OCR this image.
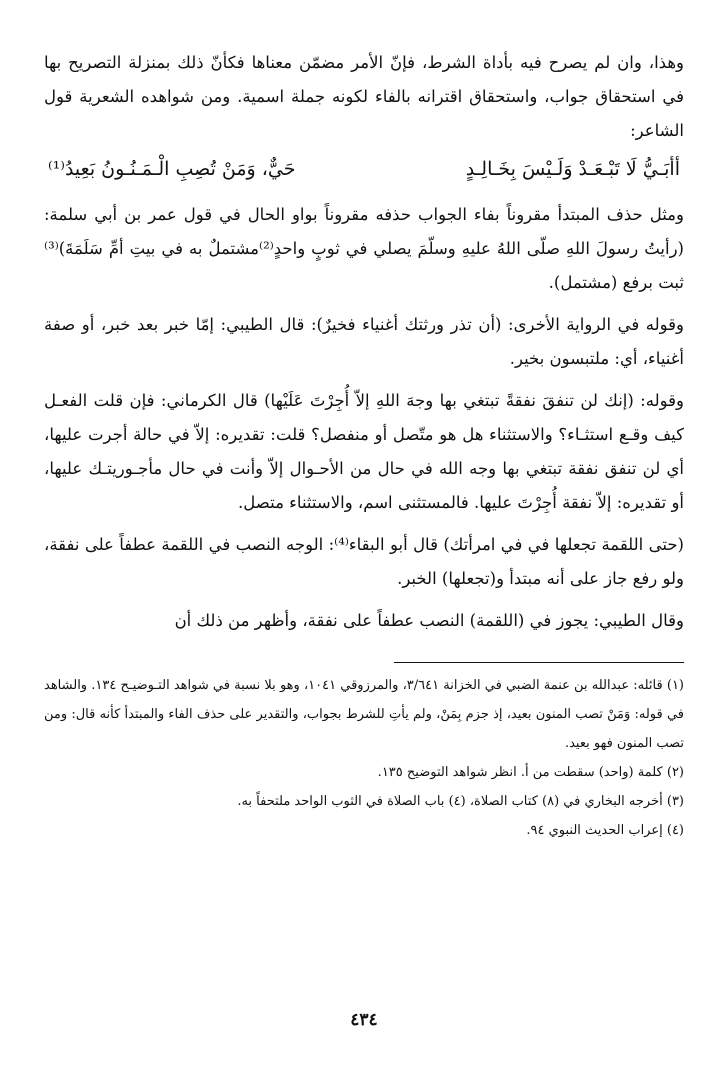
وهذا، وان لم يصرح فيه بأداة الشرط، فإنّ الأمر مضمّن معناها فكأنّ ذلك بمنزلة التصريح بها في استحقاق جواب، واستحقاق اقترانه بالفاء لكونه جملة اسمية. ومن شواهده الشعرية قول الشاعر:

أأبَـيُّ لَا تَبْـعَـدْ وَلَـيْسَ بِخَـالِـدٍ
حَيٌّ، وَمَنْ تُصِبِ الْـمَـنُـونُ بَعِيدُ⁽¹⁾

ومثل حذف المبتدأ مقروناً بفاء الجواب حذفه مقروناً بواو الحال في قول عمر بن أبي سلمة: (رأيتُ رسولَ اللهِ صلّى اللهُ عليهِ وسلّمَ يصلي في ثوبٍ واحدٍ⁽²⁾مشتملٌ به في بيتِ أمِّ سَلَمَةَ)⁽³⁾ ثبت برفع (مشتمل).

وقوله في الرواية الأخرى: (أن تذر ورثتك أغنياء فخيرٌ): قال الطيبي: إمّا خبر بعد خبر، أو صفة أغنياء، أي: ملتبسون بخير.

وقوله: (إنك لن تنفقَ نفقةً تبتغي بها وجهَ اللهِ إلاّ أُجِرْتَ عَلَيْها) قال الكرماني: فإن قلت الفعـل كيف وقـع استثـاء؟ والاستثناء هل هو متّصل أو منفصل؟ قلت: تقديره: إلاّ في حالة أجرت عليها، أي لن تنفق نفقة تبتغي بها وجه الله في حال من الأحـوال إلاّ وأنت في حال مأجـوريتـك عليها، أو تقديره: إلاّ نفقة أُجِرْتَ عليها. فالمستثنى اسم، والاستثناء متصل.

(حتى اللقمة تجعلها في في امرأتك) قال أبو البقاء⁽⁴⁾: الوجه النصب في اللقمة عطفاً على نفقة، ولو رفع جاز على أنه مبتدأ و(تجعلها) الخبر.

وقال الطيبي: يجوز في (اللقمة) النصب عطفاً على نفقة، وأظهر من ذلك أن

(١) قائله: عبدالله بن عنمة الضبي في الخزانة ٣/٦٤١، والمرزوقي ١٠٤١، وهو بلا نسبة في شواهد التـوضيـح ١٣٤. والشاهد في قوله: وَمَنْ تصب المنون بعيد، إذ جزم بِمَنْ، ولم يأتِ للشرط بجواب، والتقدير على حذف الفاء والمبتدأ كأنه قال: ومن تصب المنون فهو بعيد.

(٢) كلمة (واحد) سقطت من أ. انظر شواهد التوضيح ١٣٥.

(٣) أخرجه البخاري في (٨) كتاب الصلاة، (٤) باب الصلاة في الثوب الواحد ملتحفاً به.

(٤) إعراب الحديث النبوي ٩٤.

٤٣٤
